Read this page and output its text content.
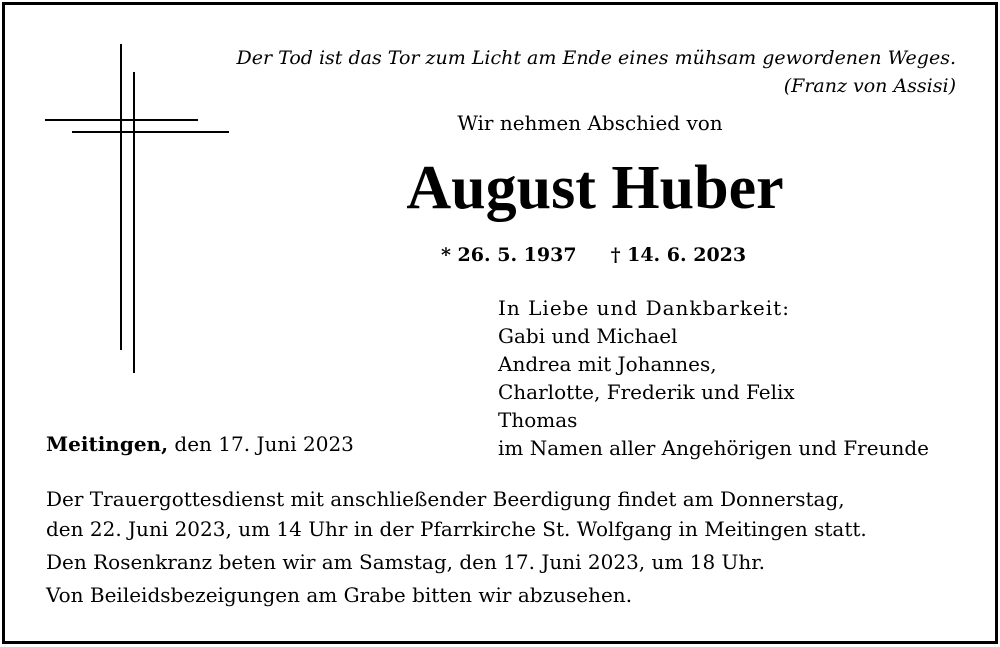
Der Tod ist das Tor zum Licht am Ende eines mühsam gewordenen Weges.
(Franz von Assisi)
Wir nehmen Abschied von
August Huber
* 26. 5. 1937 † 14. 6. 2023
In Liebe und Dankbarkeit:
Gabi und Michael
Andrea mit Johannes,
Charlotte, Frederik und Felix
Thomas
im Namen aller Angehörigen und Freunde
Meitingen, den 17. Juni 2023

Der Trauergottesdienst mit anschließender Beerdigung findet am Donnerstag,
den 22. Juni 2023, um 14 Uhr in der Pfarrkirche St. Wolfgang in Meitingen statt.

Den Rosenkranz beten wir am Samstag, den 17. Juni 2023, um 18 Uhr.

Von Beileidsbezeigungen am Grabe bitten wir abzusehen.
